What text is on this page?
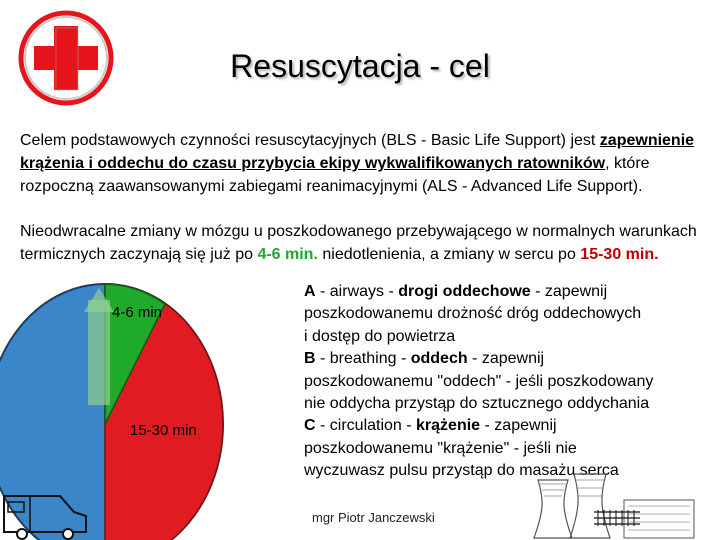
Resuscytacja - cel
Celem podstawowych czynności resuscytacyjnych (BLS - Basic Life Support) jest zapewnienie krążenia i oddechu do czasu przybycia ekipy wykwalifikowanych ratowników, które rozpoczną zaawansowanymi zabiegami reanimacyjnymi (ALS - Advanced Life Support).
Nieodwracalne zmiany w mózgu u poszkodowanego przebywającego w normalnych warunkach termicznych zaczynają się już po 4-6 min. niedotlenienia, a zmiany w sercu po 15-30 min.
4-6 min
15-30 min
A - airways - drogi oddechowe - zapewnij
poszkodowanemu drożność dróg oddechowych
i dostęp do powietrza
B - breathing - oddech - zapewnij
poszkodowanemu "oddech" - jeśli poszkodowany
nie oddycha przystąp do sztucznego oddychania
C - circulation - krążenie - zapewnij
poszkodowanemu "krążenie" - jeśli nie
wyczuwasz pulsu przystąp do masażu serca
mgr Piotr Janczewski
